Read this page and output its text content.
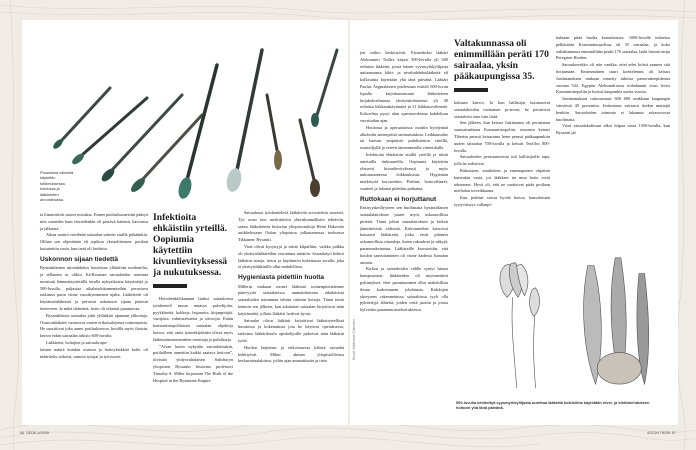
Pronssisia välineitä käytettiin tutkimuksessa, hoidossa ja lääkkeiden annostelussa.

ta liimmittivät suuret avotakat. Ennen potilashuoneisiin pääsyä niin sairaiden kuin vieraidenkin oli pestävä kätensä, kasvonsa ja jalkansa.

Aikaa saattoi vierähtää sairaalan seinien sisällä pitkäänkin. Olihan sen ohjesääntö eli typikon yksiselitteinen: potilaat kotiutettiin vasta, kun tauti oli hoidettu.

Uskonnon sijaan tiedettä

Bysanttilainen sairaalalaitos kuulostaa yllättävän modernilta, ja sellainen se olikin. Itä-Rooman sairaaloiden toiminta muistutti hämmästyttävällä tavalla nykyaikaisia käytäntöjä jo 500-luvulla, paljastaa aikalaisdokumentteihin perustuva tutkimus parin viime vuosikymmenen ajalta. Lääketiede oli käytännönläheistä ja perustui uskonnon sijaan pääosin tieteeseen. Ja mikä tärkeintä, hoito oli oikeasti parantavaa.

Bysanttilaista sairaalaa johti ylilääkäri apunaan ylihoitaja. Osastonlääkärit vastasivat omien erikoisalojensa toiminnoista. He suorittivat joka aamu potilaskierron, kesällä myös iltaisin, kertoo erään sairaalan arkisto 600-luvulta.

Lääkärien, hoitajien ja sairaala-apu-

laisten määrä kutakin osastoa ja hoitoyksikköä kohti oli määritelty tarkasti, samoin työajat ja työvuorot.

Infektioita ehkäistiin yrteillä. Oopiumia käytettiin kivunlievityksessä ja nukutuksessa.

Hoitohenkilökunnan lisäksi sairaaloissa työskenteli muun muassa palvelijoita, pyykkäreitä, kokkeja, leipureita, kirjanpitäjiä, vartijoita, valmistelureita ja siivoojia. Erään konstantinopolilaisen sairaalan ohjekirja kertoo, että omia työntekijöitään olivat myös lääkintäinstrumenttien teroittaja ja puhdistaja.

”Aivan kuten nykyään sairaaloissakin, potilailleen annettiin kaikki saatava hoitoon”, tiivistää yhdysvaltalaisen Salisburyn yliopiston Bysantin historian professori Timothy S. Miller kirjassaan The Birth of the Hospital in the Byzantine Empire.

Sairaalassa työskentelevä lääkäreitä arvostettiin suuresti. Työ avasi tien merkittäviin yhteiskunnallisiin tehtäviin, sanoo lääketieteen historian yliopistotutkija Heini Hakosalo artikkelissaan Oulun yliopiston julkaisemassa teoksessa Tikkanen: Bysantti.

Virat olivat kysyttyjä ja niistä kilpailtiin, vaikka palkka oli yksityislääkäreihin verrattuna mitätön. Sairaalatyö kehitti lääkärin taitoja, tietoa ja käytännön kokemusta tavalla, joka ei yksityislääkärille ollut mahdollista.

Hygieniasta pidettiin huolta

Millerin mukaan monet lääkintä toimenpiteistämme pätevyyttä sairaalaoissa ammattilaisena aikalaisista sairaaloiden toiminnan tehtiin rutiinin hoitoja. Tämä toimi keinoin sen jälkeen, kun aikalaiset sairaalan kirjoittivat näin käyttämättä, jolloin lääkärit hoitivat hyvin.

Sairaalat olivat lääkärit kirjoittivat lääketieteellistä havaintoa ja kokemuksia jota he käytivat opetuksessa, tarkoitus lääkärikoulu opiskelijoille jatkoivat näin lääkärin työtä.

Hoidon laajeinen ja erikoistuessa kälistä sairaalat kehittyivät. Mihin ahman yliopistollisissa keskusairaalaloissa, joihin ajan ammattitaito ja tieto

56 TIEDE 4/2026

jen vaihto keskittyivät. Esimerkiksi lääkäri Aleksanteri Tralles kirjasi 500-luvulla yli 600 erilaista lääkettä, joista hänen syysmyrkkyliljasta uuttamaansa kihti- ja niveltulehduslääkettä eli kolkisiinia käytetään yhä tänä päivänä. Lääkäri Paulus Aeginalainen puolestaan esitteli 600-luvun lopulla kirjoittamassaan lääketieteen kirjakokoelmassa yksityiskohtaisesti yli 40 erilaista leikkauskäytäntöä ja 11 leikkausvälinettä. Kokoelma pysyi alan opetusteoksena kahdeksan vuosisadan ajan.

Hoidossa ja operaatioissa osattiin hyödyntää alkoholin antiseptisiä ominaisuuksia. Leikkausalue tai haavan ympäristö puhdistettiin viinillä, ruusuöljyllä ja veteen laimennetulla viinietikalla.

Infektioita ehkäistiin sisällä yrteillä ja niistä uutetuilla tinktuureilla. Oopiumia käytettiin yleisesti kivunlievityksessä ja myös nukutusaineena leikkauksissa. Hygienian merkitystä korostettiin. Potilaat, hoitovälineet, vaatteet ja lakanat pidettiin puhtaina.

Ruttokaan ei horjuttanut

Ensisyyskeillyyteen sen huolimatta bysanttilaisen sairaalalaitoksen juuret myös uskonnollisia pirteitä. Tämä johtui sairaalaitoksen ja kirkon jännitteisistä välisistä. Kirkonmiehet katsoivat karsaasti lääkäreitä, jotka eivät pitäneet uskonnollisia rituaaleja, kuten rukouksia ja näkyjä, parannuskeinoina. Lääkäreille korostettiin, että hoidon saavuttaminen oli viime kädessä Jumalan ansiota.

Kirkon ja sairaaloiden välille syntyi hatara kompromissi: lääkäreiden oli myönnettävä pyhimykset, ettei parantuminen ollut mahdollista ilman korkeimman johdatusta. Kirkkojen yhteyteen rakennetuissa sairaaloissa tyyli olla pyhitettyjä lähteitä, joiden vettä juotiin ja joissa kylvettiin parantamistarkoituksessa.

Valtakunnassa oli enimmillään peräti 170 sairaalaa, yksin pääkaupungissa 35.

kohtaan kasvoi. Ja kun hallitsijat huomasivat sairaalahoidon tuottaman pr-arvon, he perustivat sairaaloita aina vain lisää.

Sen jälkeen, kun keisari Justinianus oli perustanut suursairaalansa Konstantinopoliin, seuraava keisari Tiberius perusti keisarinna Irene perusti pääkaupunkiin uuden sairaalan 700-luvulla ja keisari Teofilos 800-luvulla.

Sairaaloiden perustamisesta tuli hallitsijoille tapa, jolla he todistivat

Rukousten, amulettien ja ennenaponen ohjattiin kuitenkin vasta, jos lääkkeet tai muu hoito eivät tehonneet. Hyvä oli, että ne saattoivat pitää potilaan mielialan toiveikkaana.

Kun potilaat saivat hyvää hoitoa, kansalaisten tyytyväisyys vallanpi-

haluaan pitää huolta kansalaisista. 1000-luvulle tultaessa pelkästään Konstantinopolissa oli 35 sairaalaa, ja koko valtakunnassa enimmillään peräti 170 sairaalaa, laski historioitsija Peregrine Horden.

Sairaalaverkko oli niin vankka, ettei edes kriisit saaneet sitä horjumaan. Ensimmäinen suuri koettelemus oli keisari Justinianuksen mukaan nimetty tuhoisa paiseruttoepidemia vuonna 542. Egyptin Aleksandriassa roihahtanut virus levisi Konstantinopoliin ja kuristi kaupunkia useita vuosia.

Justinianuksen ruttosurmasi 600 000 asukkaan kaupungin väestöstä 40 prosenttia. Justinianus sairastui itsekin muttajäi henkiin. Sairaaloiden toiminta ei lakannut sekasorrosta huolimatta.

Vireä sairaalakulttuuri alkoi hiipua vasta 1300-luvulla, kun Bysantti jäi

500-luvulla kehitettyä syysmyrkkyliljasta uutettua lääkettä kolkisiinia käytetään nivel- ja kihtitulehduksen hoitoon yhä tänä päivänä.
Kuvat: Wellcome Collection
4/2026 TIEDE 57
